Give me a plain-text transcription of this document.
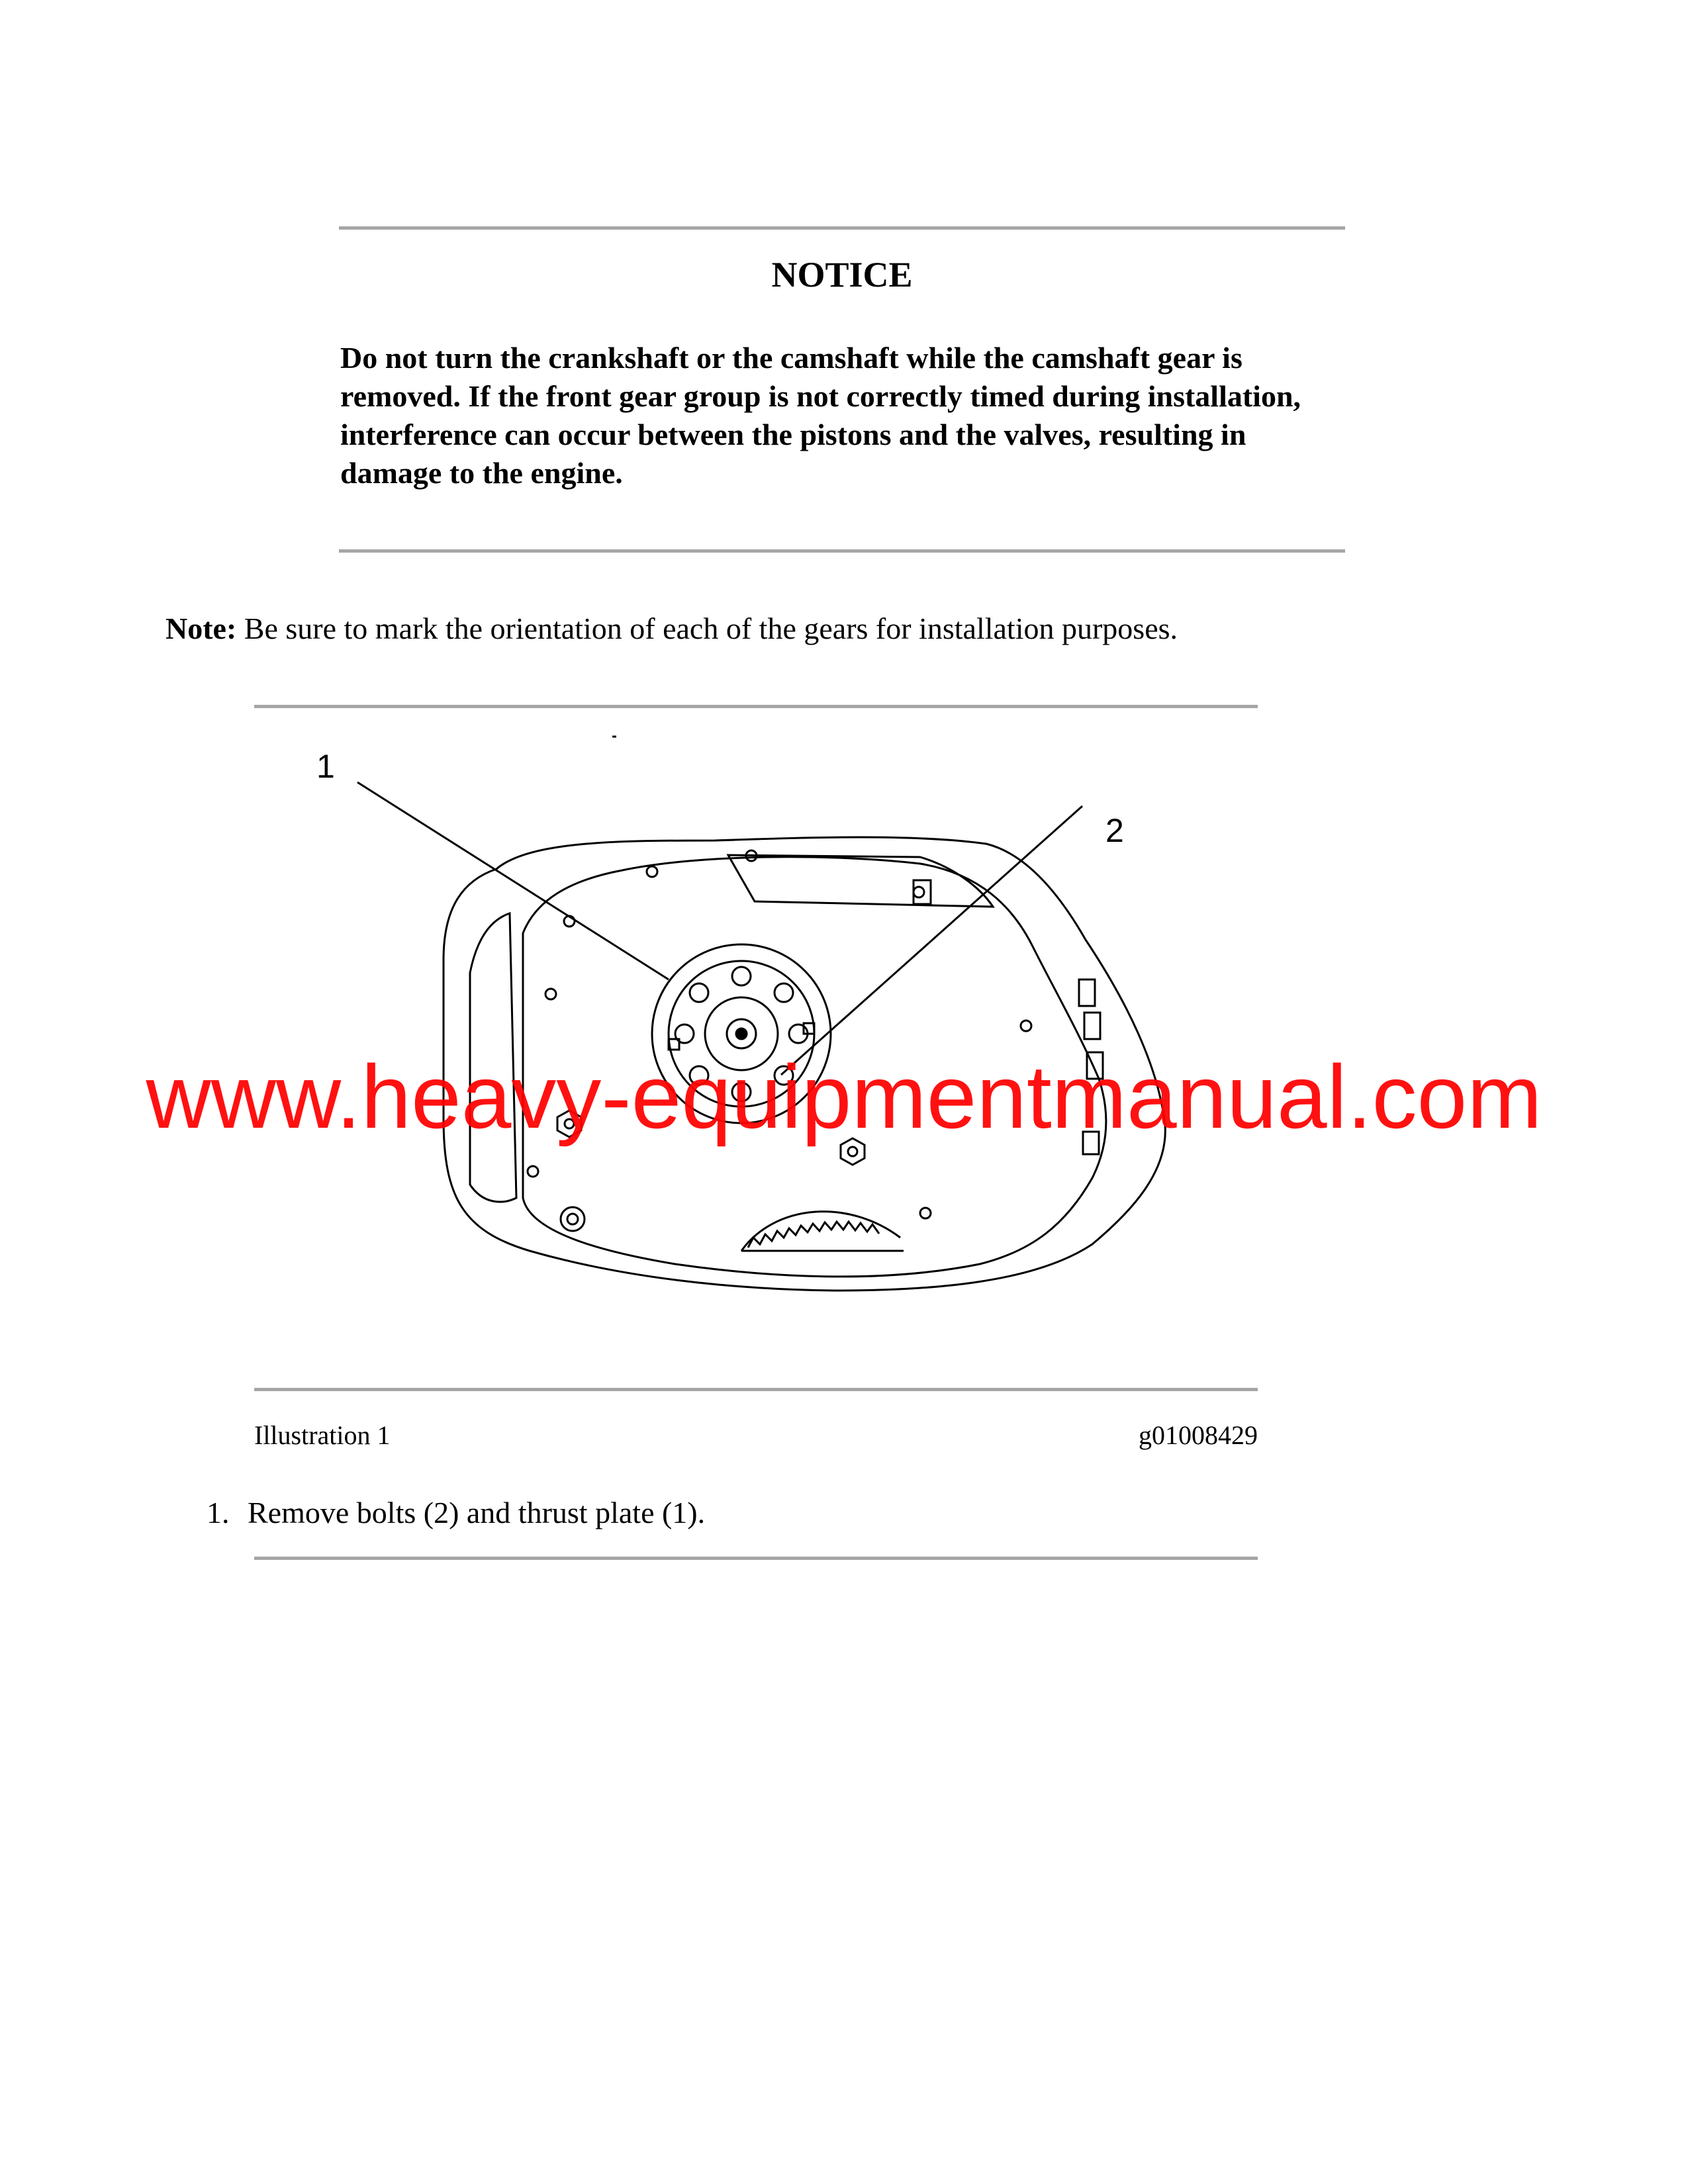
NOTICE
Do not turn the crankshaft or the camshaft while the camshaft gear is removed. If the front gear group is not correctly timed during installation, interference can occur between the pistons and the valves, resulting in damage to the engine.
Note: Be sure to mark the orientation of each of the gears for installation purposes.
1
2
Illustration 1	g01008429
1. Remove bolts (2) and thrust plate (1).
www.heavy-equipmentmanual.com
